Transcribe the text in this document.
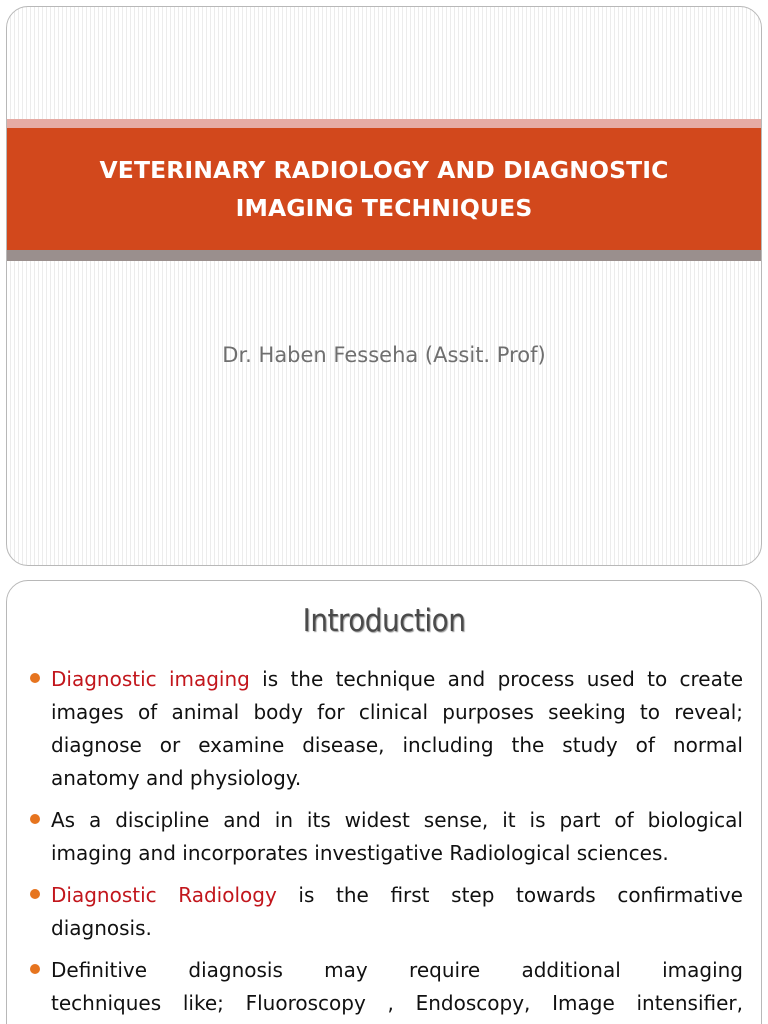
VETERINARY RADIOLOGY AND DIAGNOSTIC
IMAGING TECHNIQUES
Dr. Haben Fesseha (Assit. Prof)
Introduction
Diagnostic imaging is the technique and process used to create
images of animal body for clinical purposes seeking to reveal;
diagnose or examine disease, including the study of normal
anatomy and physiology.
As a discipline and in its widest sense, it is part of biological
imaging and incorporates investigative Radiological sciences.
Diagnostic Radiology is the first step towards confirmative
diagnosis.
Definitive diagnosis may require additional imaging
techniques like; Fluoroscopy , Endoscopy, Image intensifier,
